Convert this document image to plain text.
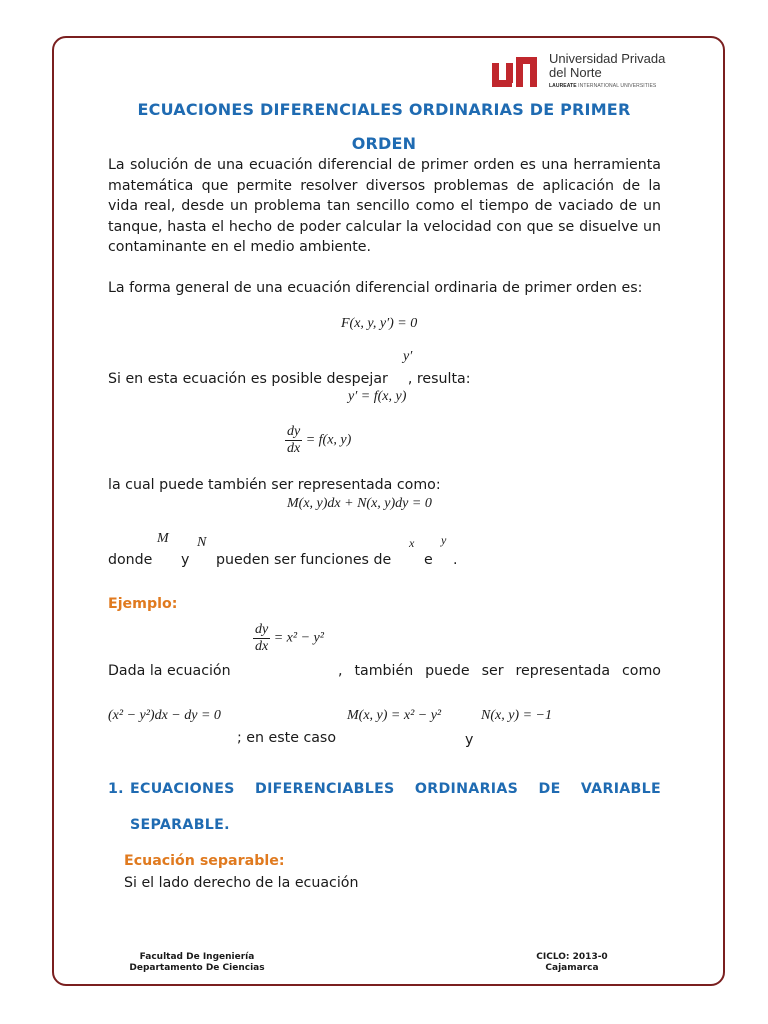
Universidad Privada
del Norte
LAUREATE INTERNATIONAL UNIVERSITIES
ECUACIONES DIFERENCIALES ORDINARIAS DE PRIMER ORDEN
La solución de una ecuación diferencial de primer orden es una herramienta matemática que permite resolver diversos problemas de aplicación de la vida real, desde un problema tan sencillo como el tiempo de vaciado de un tanque, hasta el hecho de poder calcular la velocidad con que se disuelve un contaminante en el medio ambiente.
La forma general de una ecuación diferencial ordinaria de primer orden es:
F(x, y, y′) = 0
y′
Si en esta ecuación es posible despejar , resulta:
y′ = f(x, y)
$\frac{dy}{dx} = f(x$, y)
la cual puede también ser representada como:
M(x, y)dx + N(x, y)dy = 0
M N	x y
donde y pueden ser funciones de e .
Ejemplo:
$\frac{dy}{dx} = x^2 - y^2$
Dada la ecuación	, también puede ser representada como
(x² − y²)dx − dy = 0	M(x, y) = x² − y²	N(x, y) = −1
; en este caso	y
1. ECUACIONES DIFERENCIABLES ORDINARIAS DE VARIABLE
SEPARABLE.
Ecuación separable:
Si el lado derecho de la ecuación
Facultad De Ingeniería
Departamento De Ciencias
CICLO: 2013-0
Cajamarca
